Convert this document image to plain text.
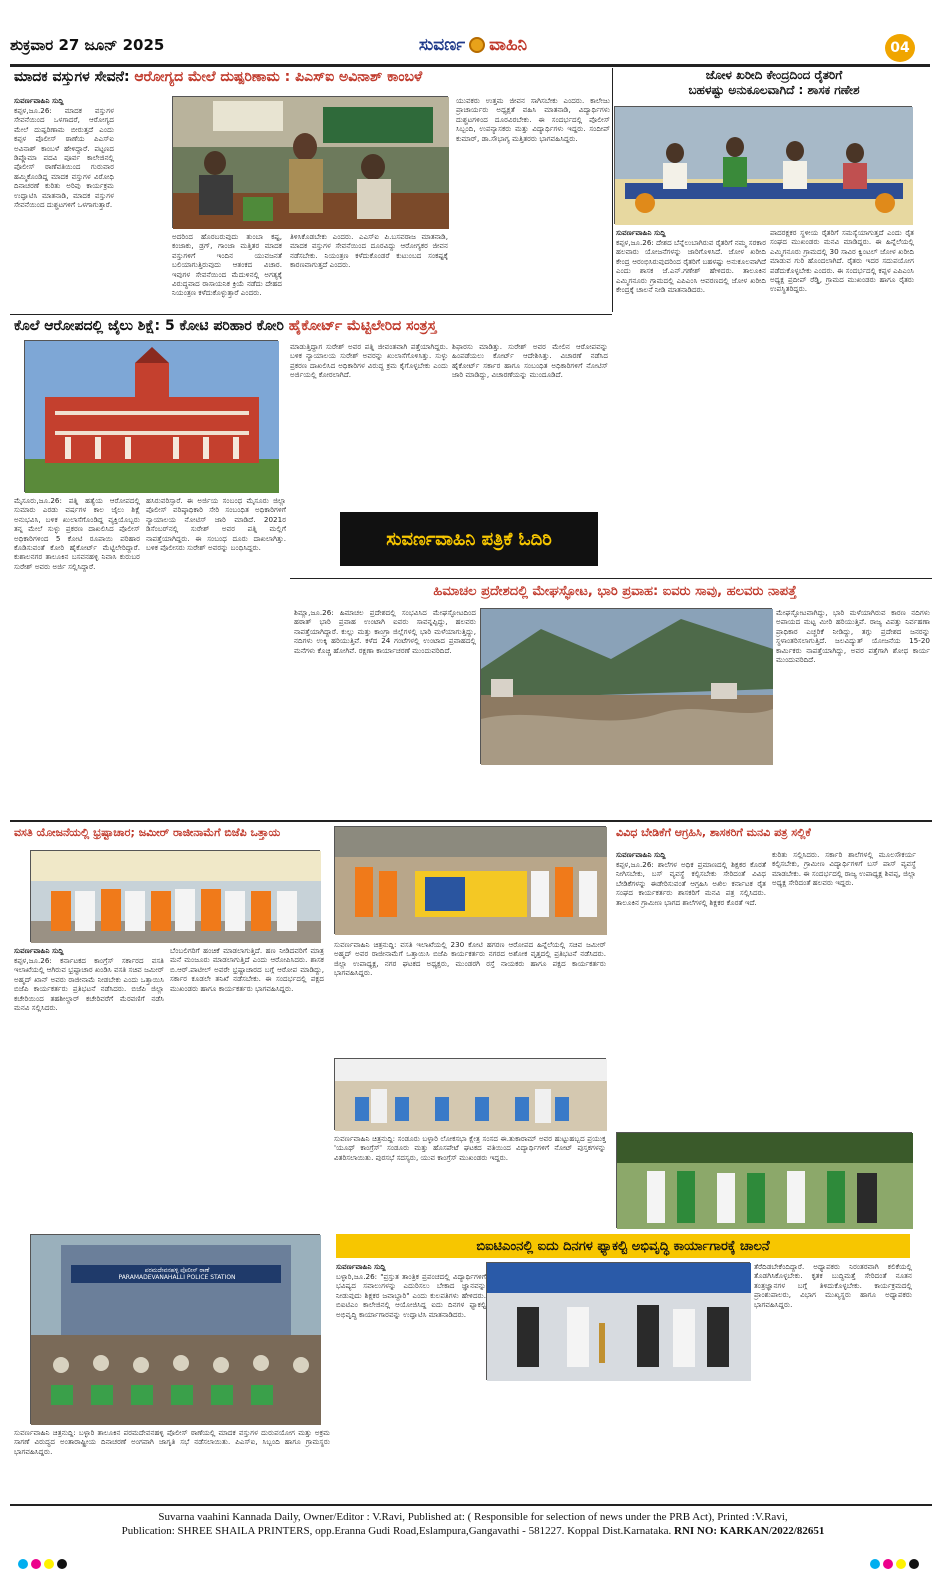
ಶುಕ್ರವಾರ 27 ಜೂನ್ 2025	ಸುವರ್ಣ ವಾಹಿನಿ	04
ಮಾದಕ ವಸ್ತುಗಳ ಸೇವನೆ: ಆರೋಗ್ಯದ ಮೇಲೆ ದುಷ್ಪರಿಣಾಮ : ಪಿಎಸ್‌ಐ ಅವಿನಾಶ್ ಕಾಂಬಳೆ
ಸುವರ್ಣವಾಹಿನಿ ಸುದ್ದಿ
ಕಪ್ಪಳ,ಜೂ.26: ಮಾದಕ ವಸ್ತುಗಳ ಸೇವನೆಯಿಂದ ಒಳಗಾದರೆ, ಆರೋಗ್ಯದ ಮೇಲೆ ದುಷ್ಪರಿಣಾಮ ಬೀರುತ್ತದೆ ಎಂದು ಕಪ್ಪಳ ಪೊಲೀಸ್ ಠಾಣೆಯ ಪಿಎಸ್‌ಐ ಅವಿನಾಶ್ ಕಾಂಬಳೆ ಹೇಳಿದ್ದಾರೆ. ಪಟ್ಟಣದ ಡಿಪ್ಲೊಮಾ ಪದವಿ ಪೂರ್ವ ಕಾಲೇಜಿನಲ್ಲಿ ಪೊಲೀಸ್ ಠಾಣೆವತಿಯಿಂದ ಗುರುವಾರ ಹಮ್ಮಿಕೊಂಡಿದ್ದ ಮಾದಕ ವಸ್ತುಗಳ ವಿರೋಧಿ ದಿನಾಚರಣೆ ಕುರಿತು ಅರಿವು ಕಾರ್ಯಕ್ರಮ ಉದ್ಘಾಟಿಸಿ ಮಾತನಾಡಿ, ಮಾದಕ ವಸ್ತುಗಳ ಸೇವನೆಯಿಂದ ದುಶ್ಚಟಗಳಿಗೆ ಒಳಗಾಗುತ್ತಾರೆ.
ಅದರಿಂದ ಹೊರಬರುವುದು ತುಂಬಾ ಕಷ್ಟ, ಕಂಜಾಕು, ಡ್ರಗ್, ಗಾಂಜಾ ಮತ್ತಿತರ ಮಾದಕ ವಸ್ತುಗಳಿಗೆ ಇಂದಿನ ಯುವಜನತೆ ಬಲಿಯಾಗುತ್ತಿರುವುದು ಆತಂಕದ ವಿಚಾರ. ಇವುಗಳ ಸೇವನೆಯಿಂದ ಮೆದುಳಿನಲ್ಲಿ ಅಗತ್ಯಕ್ಕೆ ವಿರುದ್ಧವಾದ ರಾಸಾಯನಿಕ ಕ್ರಿಯೆ ನಡೆದು ದೇಹದ ನಿಯಂತ್ರಣ ಕಳೆದುಕೊಳ್ಳುತ್ತಾರೆ ಎಂದರು.
ತಿಳಿಸಿಕೊಡಬೇಕು ಎಂದರು. ಎಎಸ್‌ಐ ಪಿ.ಬಸವರಾಜ ಮಾತನಾಡಿ, ಮಾದಕ ವಸ್ತುಗಳ ಸೇವನೆಯಿಂದ ದೂರವಿದ್ದು ಆರೋಗ್ಯಕರ ಜೀವನ ನಡೆಸಬೇಕು. ನಿಯಂತ್ರಣ ಕಳೆದುಕೊಂಡರೆ ಕುಟುಂಬದ ಸಂಕಷ್ಟಕ್ಕೆ ಕಾರಣವಾಗುತ್ತದೆ ಎಂದರು.
ಯುವಕರು ಉತ್ತಮ ಜೀವನ ಸಾಗಿಸಬೇಕು ಎಂದರು. ಕಾಲೇಜು ಪ್ರಾಚಾರ್ಯರು ಅಧ್ಯಕ್ಷತೆ ವಹಿಸಿ ಮಾತನಾಡಿ, ವಿದ್ಯಾರ್ಥಿಗಳು ದುಶ್ಚಟಗಳಿಂದ ದೂರವಿರಬೇಕು. ಈ ಸಂದರ್ಭದಲ್ಲಿ ಪೊಲೀಸ್ ಸಿಬ್ಬಂದಿ, ಉಪನ್ಯಾಸಕರು ಮತ್ತು ವಿದ್ಯಾರ್ಥಿಗಳು ಇದ್ದರು. ಸಂದೀಪ್ ಕುಮಾರ್, ಡಾ.ಸೌಭಾಗ್ಯ ಮತ್ತಿತರರು ಭಾಗವಹಿಸಿದ್ದರು.
ಜೋಳ ಖರೀದಿ ಕೇಂದ್ರದಿಂದ ರೈತರಿಗೆ
ಬಹಳಷ್ಟು ಅನುಕೂಲವಾಗಿದೆ : ಶಾಸಕ ಗಣೇಶ
ಸುವರ್ಣವಾಹಿನಿ ಸುದ್ದಿ
ಕಪ್ಪಳ,ಜೂ.26: ದೇಶದ ಬೆನ್ನೆಲುಬಾಗಿರುವ ರೈತರಿಗೆ ನಮ್ಮ ಸರಕಾರ ಹಲವಾರು ಯೋಜನೆಗಳನ್ನು ಜಾರಿಗೊಳಿಸಿದೆ. ಜೋಳ ಖರೀದಿ ಕೇಂದ್ರ ಆರಂಭಿಸಿರುವುದರಿಂದ ರೈತರಿಗೆ ಬಹಳಷ್ಟು ಅನುಕೂಲವಾಗಿದೆ ಎಂದು ಶಾಸಕ ಜೆ.ಎನ್.ಗಣೇಶ್ ಹೇಳಿದರು. ತಾಲೂಕಿನ ಎಮ್ಮಿಗನೂರು ಗ್ರಾಮದಲ್ಲಿ ಎಪಿಎಂಸಿ ಆವರಣದಲ್ಲಿ ಜೋಳ ಖರೀದಿ ಕೇಂದ್ರಕ್ಕೆ ಚಾಲನೆ ನೀಡಿ ಮಾತನಾಡಿದರು.
ಪಾದರಕ್ಷಕರ ಸ್ಥಳೀಯ ರೈತರಿಗೆ ಸಮಸ್ಯೆಯಾಗುತ್ತದೆ ಎಂದು ರೈತ ಸಂಘದ ಮುಖಂಡರು ಮನವಿ ಮಾಡಿದ್ದರು. ಈ ಹಿನ್ನೆಲೆಯಲ್ಲಿ ಎಮ್ಮಿಗನೂರು ಗ್ರಾಮದಲ್ಲಿ 30 ಸಾವಿರ ಕ್ವಿಂಟಲ್ ಜೋಳ ಖರೀದಿ ಮಾಡುವ ಗುರಿ ಹೊಂದಲಾಗಿದೆ. ರೈತರು ಇದರ ಸದುಪಯೋಗ ಪಡೆದುಕೊಳ್ಳಬೇಕು ಎಂದರು. ಈ ಸಂದರ್ಭದಲ್ಲಿ ಕಪ್ಪಳ ಎಪಿಎಂಸಿ ಅಧ್ಯಕ್ಷ ಪ್ರದೀಪ್ ರೆಡ್ಡಿ, ಗ್ರಾಮದ ಮುಖಂಡರು ಹಾಗೂ ರೈತರು ಉಪಸ್ಥಿತರಿದ್ದರು.
ಕೊಲೆ ಆರೋಪದಲ್ಲಿ ಜೈಲು ಶಿಕ್ಷೆ: 5 ಕೋಟಿ ಪರಿಹಾರ ಕೋರಿ ಹೈಕೋರ್ಟ್ ಮೆಟ್ಟಿಲೇರಿದ ಸಂತ್ರಸ್ತ
ಮೈಸೂರು,ಜೂ.26: ಪತ್ನಿ ಹತ್ಯೆಯ ಆರೋಪದಲ್ಲಿ ಸುಮಾರು ಎರಡು ವರ್ಷಗಳ ಕಾಲ ಜೈಲು ಶಿಕ್ಷೆ ಅನುಭವಿಸಿ, ಬಳಿಕ ಖುಲಾಸೆಗೊಂಡಿದ್ದ ವ್ಯಕ್ತಿಯೊಬ್ಬರು ತನ್ನ ಮೇಲೆ ಸುಳ್ಳು ಪ್ರಕರಣ ದಾಖಲಿಸಿದ ಪೊಲೀಸ್ ಅಧಿಕಾರಿಗಳಿಂದ 5 ಕೋಟಿ ರೂಪಾಯಿ ಪರಿಹಾರ ಕೊಡಿಸುವಂತೆ ಕೋರಿ ಹೈಕೋರ್ಟ್ ಮೆಟ್ಟಿಲೇರಿದ್ದಾರೆ. ಕುಶಾಲನಗರ ತಾಲೂಕಿನ ಬಸವನಹಳ್ಳಿ ನಿವಾಸಿ ಕುರುಬರ ಸುರೇಶ್ ಅವರು ಅರ್ಜಿ ಸಲ್ಲಿಸಿದ್ದಾರೆ.
ಹಸಿರುವರಿಸ್ಸಾರೆ. ಈ ಅರ್ಜಿಯ ಸಂಬಂಧ ಮೈಸೂರು ಜಿಲ್ಲಾ ಪೊಲೀಸ್ ವರಿಷ್ಠಾಧಿಕಾರಿ ಸೇರಿ ಸಂಬಂಧಿತ ಅಧಿಕಾರಿಗಳಿಗೆ ನ್ಯಾಯಾಲಯ ನೋಟಿಸ್ ಜಾರಿ ಮಾಡಿದೆ. 2021ರ ಡಿಸೆಂಬರ್‌ನಲ್ಲಿ ಸುರೇಶ್ ಅವರ ಪತ್ನಿ ಮಲ್ಲಿಗೆ ನಾಪತ್ತೆಯಾಗಿದ್ದರು. ಈ ಸಂಬಂಧ ದೂರು ದಾಖಲಾಗಿತ್ತು. ಬಳಿಕ ಪೊಲೀಸರು ಸುರೇಶ್ ಅವರನ್ನು ಬಂಧಿಸಿದ್ದರು.
ಮಾಡುತ್ತಿದ್ದಾಗ ಸುರೇಶ್ ಅವರ ಪತ್ನಿ ಜೀವಂತವಾಗಿ ಪತ್ತೆಯಾಗಿದ್ದರು. ಬಳಿಕ ನ್ಯಾಯಾಲಯ ಸುರೇಶ್ ಅವರನ್ನು ಖುಲಾಸೆಗೊಳಿಸಿತ್ತು. ಸುಳ್ಳು ಪ್ರಕರಣ ದಾಖಲಿಸಿದ ಅಧಿಕಾರಿಗಳ ವಿರುದ್ಧ ಕ್ರಮ ಕೈಗೊಳ್ಳಬೇಕು ಎಂದು ಅರ್ಜಿಯಲ್ಲಿ ಕೋರಲಾಗಿದೆ.
ಶಿಫಾರಸು ಮಾಡಿತ್ತು. ಸುರೇಶ್ ಅವರ ಮೇಲಿನ ಆರೋಪವನ್ನು ಹಿಂಪಡೆಯಲು ಕೋರ್ಟ್ ಆದೇಶಿಸಿತ್ತು. ವಿಚಾರಣೆ ನಡೆಸಿದ ಹೈಕೋರ್ಟ್ ಸರ್ಕಾರ ಹಾಗೂ ಸಂಬಂಧಿತ ಅಧಿಕಾರಿಗಳಿಗೆ ನೋಟಿಸ್ ಜಾರಿ ಮಾಡಿದ್ದು, ವಿಚಾರಣೆಯನ್ನು ಮುಂದೂಡಿದೆ.
ಸುವರ್ಣವಾಹಿನಿ ಪತ್ರಿಕೆ ಓದಿರಿ
ಹಿಮಾಚಲ ಪ್ರದೇಶದಲ್ಲಿ ಮೇಘಸ್ಫೋಟ, ಭಾರಿ ಪ್ರವಾಹ: ಐವರು ಸಾವು, ಹಲವರು ನಾಪತ್ತೆ
ಶಿಮ್ಲಾ,ಜೂ.26: ಹಿಮಾಚಲ ಪ್ರದೇಶದಲ್ಲಿ ಸಂಭವಿಸಿದ ಮೇಘಸ್ಫೋಟದಿಂದ ಹಠಾತ್ ಭಾರಿ ಪ್ರವಾಹ ಉಂಟಾಗಿ ಐವರು ಸಾವನ್ನಪ್ಪಿದ್ದು, ಹಲವರು ನಾಪತ್ತೆಯಾಗಿದ್ದಾರೆ. ಕುಲ್ಲು ಮತ್ತು ಕಾಂಗ್ರಾ ಜಿಲ್ಲೆಗಳಲ್ಲಿ ಭಾರಿ ಮಳೆಯಾಗುತ್ತಿದ್ದು, ನದಿಗಳು ಉಕ್ಕಿ ಹರಿಯುತ್ತಿವೆ. ಕಳೆದ 24 ಗಂಟೆಗಳಲ್ಲಿ ಉಂಟಾದ ಪ್ರವಾಹದಲ್ಲಿ ಮನೆಗಳು ಕೊಚ್ಚಿ ಹೋಗಿವೆ. ರಕ್ಷಣಾ ಕಾರ್ಯಾಚರಣೆ ಮುಂದುವರಿದಿದೆ.
ಮೇಘಸ್ಫೋಟವಾಗಿದ್ದು, ಭಾರಿ ಮಳೆಯಾಗಿರುವ ಕಾರಣ ನದಿಗಳು ಅಪಾಯದ ಮಟ್ಟ ಮೀರಿ ಹರಿಯುತ್ತಿವೆ. ರಾಜ್ಯ ವಿಪತ್ತು ನಿರ್ವಹಣಾ ಪ್ರಾಧಿಕಾರ ಎಚ್ಚರಿಕೆ ನೀಡಿದ್ದು, ತಗ್ಗು ಪ್ರದೇಶದ ಜನರನ್ನು ಸ್ಥಳಾಂತರಿಸಲಾಗುತ್ತಿದೆ. ಜಲವಿದ್ಯುತ್ ಯೋಜನೆಯ 15-20 ಕಾರ್ಮಿಕರು ನಾಪತ್ತೆಯಾಗಿದ್ದು, ಅವರ ಪತ್ತೆಗಾಗಿ ಶೋಧ ಕಾರ್ಯ ಮುಂದುವರಿದಿದೆ.
ವಸತಿ ಯೋಜನೆಯಲ್ಲಿ ಭ್ರಷ್ಟಾಚಾರ; ಜಮೀರ್ ರಾಜೀನಾಮೆಗೆ ಬಿಜೆಪಿ ಒತ್ತಾಯ
ಸುವರ್ಣವಾಹಿನಿ ಸುದ್ದಿ
ಕಪ್ಪಳ,ಜೂ.26: ಕರ್ನಾಟಕದ ಕಾಂಗ್ರೆಸ್ ಸರ್ಕಾರದ ವಸತಿ ಇಲಾಖೆಯಲ್ಲಿ ಆಗಿರುವ ಭ್ರಷ್ಟಾಚಾರ ಖಂಡಿಸಿ ವಸತಿ ಸಚಿವ ಜಮೀರ್ ಅಹ್ಮದ್ ಖಾನ್ ಅವರು ರಾಜೀನಾಮೆ ನೀಡಬೇಕು ಎಂದು ಒತ್ತಾಯಿಸಿ ಬಿಜೆಪಿ ಕಾರ್ಯಕರ್ತರು ಪ್ರತಿಭಟನೆ ನಡೆಸಿದರು. ಬಿಜೆಪಿ ಜಿಲ್ಲಾ ಕಚೇರಿಯಿಂದ ತಹಶೀಲ್ದಾರ್ ಕಚೇರಿವರೆಗೆ ಮೆರವಣಿಗೆ ನಡೆಸಿ ಮನವಿ ಸಲ್ಲಿಸಿದರು.
ಬೆಂಬಲಿಗರಿಗೆ ಹಂಚಿಕೆ ಮಾಡಲಾಗುತ್ತಿದೆ. ಹಣ ನೀಡಿದವರಿಗೆ ಮಾತ್ರ ಮನೆ ಮಂಜೂರು ಮಾಡಲಾಗುತ್ತಿದೆ ಎಂದು ಆರೋಪಿಸಿದರು. ಶಾಸಕ ಬಿ.ಆರ್.ಪಾಟೀಲ್ ಅವರೇ ಭ್ರಷ್ಟಾಚಾರದ ಬಗ್ಗೆ ಆರೋಪ ಮಾಡಿದ್ದು, ಸರ್ಕಾರ ಕೂಡಲೇ ತನಿಖೆ ನಡೆಸಬೇಕು. ಈ ಸಂದರ್ಭದಲ್ಲಿ ಪಕ್ಷದ ಮುಖಂಡರು ಹಾಗೂ ಕಾರ್ಯಕರ್ತರು ಭಾಗವಹಿಸಿದ್ದರು.
ಸುವರ್ಣವಾಹಿನಿ ಚಿತ್ರನುದ್ದಿ: ವಸತಿ ಇಲಾಖೆಯಲ್ಲಿ 230 ಕೋಟಿ ಹಗರಣ ಆರೋಪದ ಹಿನ್ನೆಲೆಯಲ್ಲಿ ಸಚಿವ ಜಮೀರ್ ಅಹ್ಮದ್ ಅವರ ರಾಜೀನಾಮೆಗೆ ಒತ್ತಾಯಿಸಿ ಬಿಜೆಪಿ ಕಾರ್ಯಕರ್ತರು ನಗರದ ಅಶೋಕ ವೃತ್ತದಲ್ಲಿ ಪ್ರತಿಭಟನೆ ನಡೆಸಿದರು. ಜಿಲ್ಲಾ ಉಪಾಧ್ಯಕ್ಷ, ನಗರ ಘಟಕದ ಅಧ್ಯಕ್ಷರು, ಮುಂಡರಗಿ ರಸ್ತೆ ನಾಯಕರು ಹಾಗೂ ಪಕ್ಷದ ಕಾರ್ಯಕರ್ತರು ಭಾಗವಹಿಸಿದ್ದರು.
ಸುವರ್ಣವಾಹಿನಿ ಚಿತ್ರನುದ್ದಿ: ಸಂಡೂರು ಬಳ್ಳಾರಿ ಲೋಕಸಭಾ ಕ್ಷೇತ್ರ ಸಂಸದ ಈ.ತುಕಾರಾಮ್ ಅವರ ಹುಟ್ಟುಹಬ್ಬದ ಪ್ರಯುಕ್ತ 'ಯೂಥ್ ಕಾಂಗ್ರೆಸ್' ಸಂಡೂರು ಮತ್ತು ಹೊಸಪೇಟೆ ಘಟಕದ ವತಿಯಿಂದ ವಿದ್ಯಾರ್ಥಿಗಳಿಗೆ ನೋಟ್ ಪುಸ್ತಕಗಳನ್ನು ವಿತರಿಸಲಾಯಿತು. ಪುರಸಭೆ ಸದಸ್ಯರು, ಯುವ ಕಾಂಗ್ರೆಸ್ ಮುಖಂಡರು ಇದ್ದರು.
ವಿವಿಧ ಬೇಡಿಕೆಗೆ ಆಗ್ರಹಿಸಿ, ಶಾಸಕರಿಗೆ ಮನವಿ ಪತ್ರ ಸಲ್ಲಿಕೆ
ಸುವರ್ಣವಾಹಿನಿ ಸುದ್ದಿ
ಕಪ್ಪಳ,ಜೂ.26: ಶಾಲೆಗಳ ಅಧಿಕ ಪ್ರಮಾಣದಲ್ಲಿ ಶಿಕ್ಷಕರ ಕೊರತೆ ನೀಗಿಸಬೇಕು, ಬಸ್ ವ್ಯವಸ್ಥೆ ಕಲ್ಪಿಸಬೇಕು ಸೇರಿದಂತೆ ವಿವಿಧ ಬೇಡಿಕೆಗಳನ್ನು ಈಡೇರಿಸುವಂತೆ ಆಗ್ರಹಿಸಿ ಅಖಿಲ ಕರ್ನಾಟಕ ರೈತ ಸಂಘದ ಕಾರ್ಯಕರ್ತರು ಶಾಸಕರಿಗೆ ಮನವಿ ಪತ್ರ ಸಲ್ಲಿಸಿದರು. ತಾಲೂಕಿನ ಗ್ರಾಮೀಣ ಭಾಗದ ಶಾಲೆಗಳಲ್ಲಿ ಶಿಕ್ಷಕರ ಕೊರತೆ ಇದೆ.
ಕುರಿತು ಸಲ್ಲಿಸಿದರು. ಸರ್ಕಾರಿ ಶಾಲೆಗಳಲ್ಲಿ ಮೂಲಸೌಕರ್ಯ ಕಲ್ಪಿಸಬೇಕು, ಗ್ರಾಮೀಣ ವಿದ್ಯಾರ್ಥಿಗಳಿಗೆ ಬಸ್ ಪಾಸ್ ವ್ಯವಸ್ಥೆ ಮಾಡಬೇಕು. ಈ ಸಂದರ್ಭದಲ್ಲಿ ರಾಜ್ಯ ಉಪಾಧ್ಯಕ್ಷ ಶಿವಪ್ಪ, ಜಿಲ್ಲಾ ಅಧ್ಯಕ್ಷ ಸೇರಿದಂತೆ ಹಲವರು ಇದ್ದರು.
ಪರಮದೇವನಹಳ್ಳಿ ಪೊಲೀಸ್ ಠಾಣೆ
PARAMADEVANAHALLI POLICE STATION
ಸುವರ್ಣವಾಹಿನಿ ಚಿತ್ರನುದ್ದಿ: ಬಳ್ಳಾರಿ ತಾಲೂಕಿನ ಪರಮದೇವನಹಳ್ಳಿ ಪೊಲೀಸ್ ಠಾಣೆಯಲ್ಲಿ ಮಾದಕ ವಸ್ತುಗಳ ದುರುಪಯೋಗ ಮತ್ತು ಅಕ್ರಮ ಸಾಗಣೆ ವಿರುದ್ಧದ ಅಂತಾರಾಷ್ಟ್ರೀಯ ದಿನಾಚರಣೆ ಅಂಗವಾಗಿ ಜಾಗೃತಿ ಸಭೆ ನಡೆಸಲಾಯಿತು. ಪಿಎಸ್‌ಐ, ಸಿಬ್ಬಂದಿ ಹಾಗೂ ಗ್ರಾಮಸ್ಥರು ಭಾಗವಹಿಸಿದ್ದರು.
ಬಿಐಟಿಎಂನಲ್ಲಿ ಐದು ದಿನಗಳ ಫ್ಯಾಕಲ್ಟಿ ಅಭಿವೃದ್ಧಿ ಕಾರ್ಯಾಗಾರಕ್ಕೆ ಚಾಲನೆ
ಸುವರ್ಣವಾಹಿನಿ ಸುದ್ದಿ
ಬಳ್ಳಾರಿ,ಜೂ.26: "ಪ್ರಸ್ತುತ ತಾಂತ್ರಿಕ ಪ್ರಪಂಚದಲ್ಲಿ ವಿದ್ಯಾರ್ಥಿಗಳಿಗೆ ಭವಿಷ್ಯದ ಸವಾಲುಗಳನ್ನು ಎದುರಿಸಲು ಬೇಕಾದ ಜ್ಞಾನವನ್ನು ನೀಡುವುದು ಶಿಕ್ಷಕರ ಜವಾಬ್ದಾರಿ" ಎಂದು ಕುಲಪತಿಗಳು ಹೇಳಿದರು. ಬಿಐಟಿಎಂ ಕಾಲೇಜಿನಲ್ಲಿ ಆಯೋಜಿಸಿದ್ದ ಐದು ದಿನಗಳ ಫ್ಯಾಕಲ್ಟಿ ಅಭಿವೃದ್ಧಿ ಕಾರ್ಯಾಗಾರವನ್ನು ಉದ್ಘಾಟಿಸಿ ಮಾತನಾಡಿದರು.
ತೆರೆದಿಡಬೇಕೆಂದಿದ್ದಾರೆ. ಅಧ್ಯಾಪಕರು ನಿರಂತರವಾಗಿ ಕಲಿಕೆಯಲ್ಲಿ ತೊಡಗಿಸಿಕೊಳ್ಳಬೇಕು. ಕೃತಕ ಬುದ್ಧಿಮತ್ತೆ ಸೇರಿದಂತೆ ನೂತನ ತಂತ್ರಜ್ಞಾನಗಳ ಬಗ್ಗೆ ತಿಳಿದುಕೊಳ್ಳಬೇಕು. ಕಾರ್ಯಕ್ರಮದಲ್ಲಿ ಪ್ರಾಂಶುಪಾಲರು, ವಿಭಾಗ ಮುಖ್ಯಸ್ಥರು ಹಾಗೂ ಅಧ್ಯಾಪಕರು ಭಾಗವಹಿಸಿದ್ದರು.
Suvarna vaahini Kannada Daily, Owner/Editor : V.Ravi, Published at: ( Responsible for selection of news under the PRB Act), Printed :V.Ravi,
Publication: SHREE SHAILA PRINTERS, opp.Eranna Gudi Road,Eslampura,Gangavathi - 581227. Koppal Dist.Karnataka. RNI NO: KARKAN/2022/82651
